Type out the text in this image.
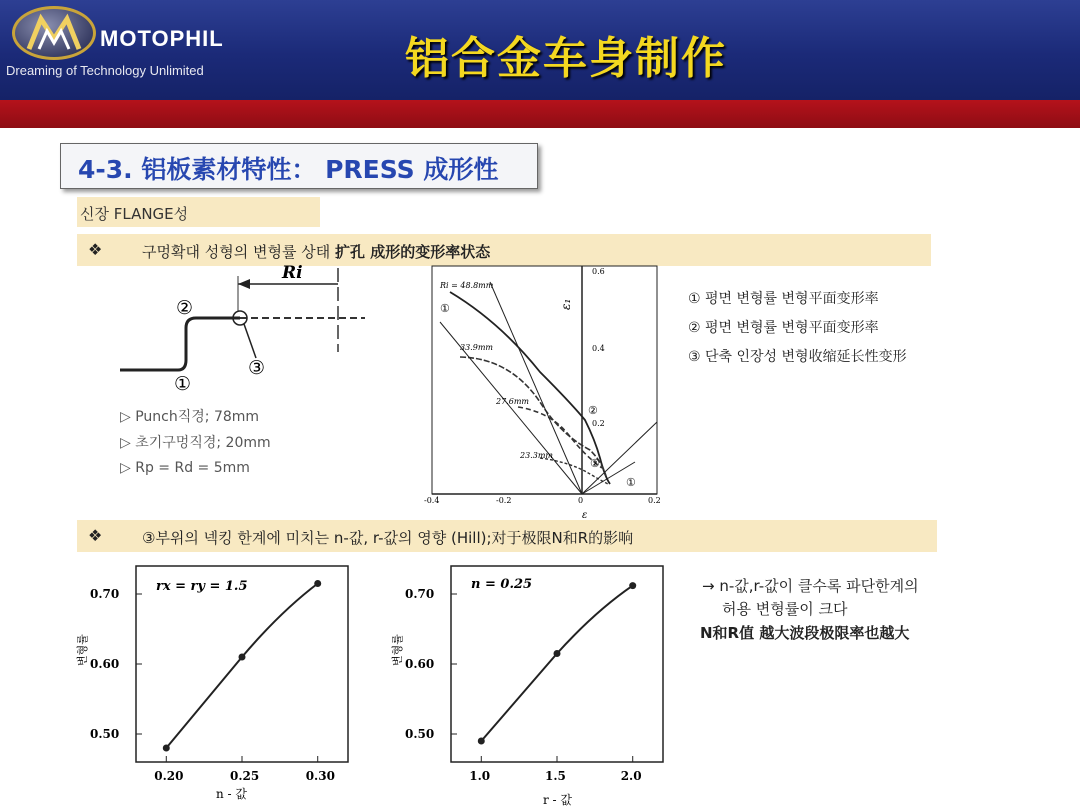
MOTOPHIL
Dreaming of Technology Unlimited	铝合金车身制作
4-3. 铝板素材特性： PRESS 成形性
신장 FLANGE성
❖	구멍확대 성형의 변형률 상태 扩孔 成形的变形率状态
Ri
②
①
③
▷ Punch직경; 78mm
▷ 초기구멍직경; 20mm
▷ Rp = Rd = 5mm
0.6
0.4
0.2
-0.4	-0.2	0	0.2
ε₁
ε
Ri = 48.8mm
33.9mm
27.6mm
23.3mm
①
②
①
②
① 평면 변형률 변형平面变形率
② 평면 변형률 변형平面变形率
③ 단축 인장성 변형收缩延长性变形
❖	③부위의 넥킹 한계에 미치는 n-값, r-값의 영향 (Hill);对于极限N和R的影响
rx = ry = 1.5
변형률
n - 값
0.70
0.60
0.50
0.20	0.25	0.30
n = 0.25
변형률
r - 값
0.70
0.60
0.50
1.0	1.5	2.0
→ n-값,r-값이 클수록 파단한계의
허용 변형률이 크다
N和R值 越大波段极限率也越大
